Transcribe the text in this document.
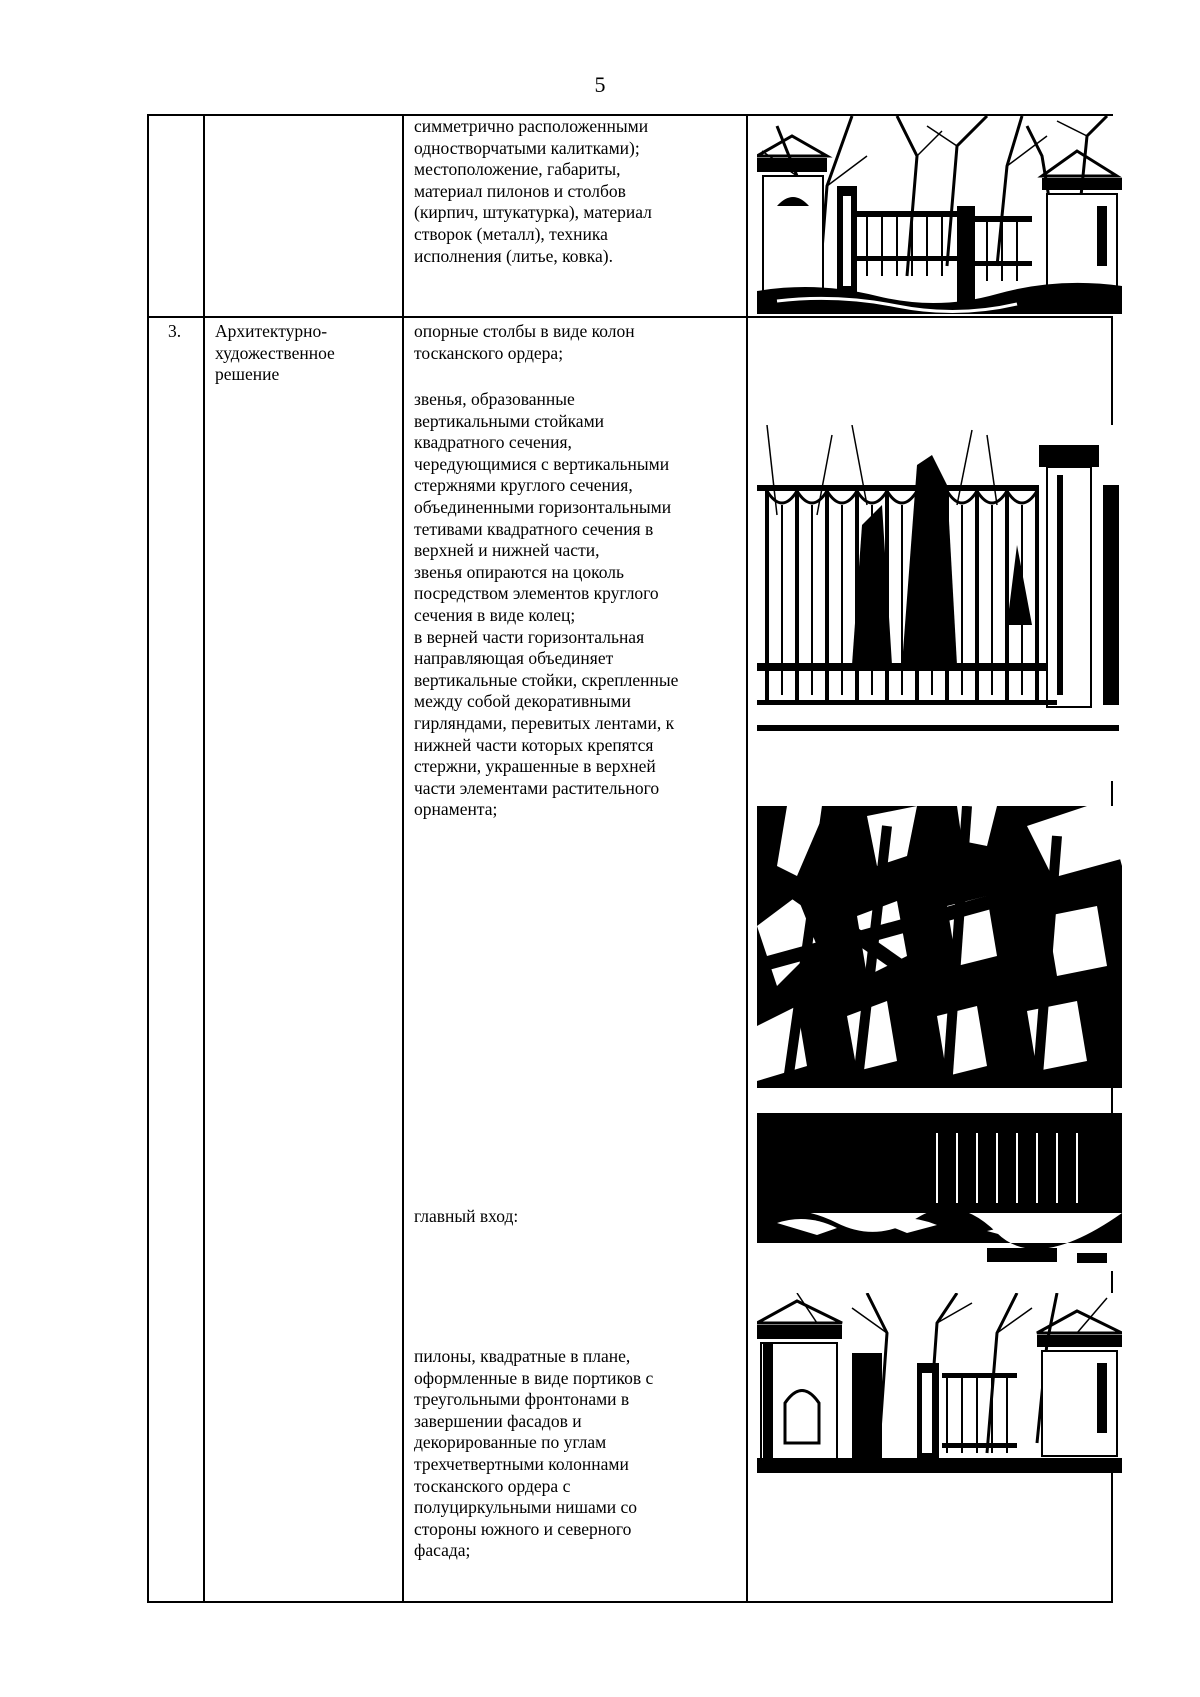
5

симметрично расположенными

одностворчатыми калитками);

местоположение, габариты,

материал пилонов и столбов

(кирпич, штукатурка), материал

створок (металл), техника

исполнения (литье, ковка).

3. Архитектурно-

художественное

решение

опорные столбы в виде колон

тосканского ордера;

звенья, образованные

вертикальными стойками

квадратного сечения,

чередующимися с вертикальными

стержнями круглого сечения,

объединенными горизонтальными

тетивами квадратного сечения в

верхней и нижней части,

звенья опираются на цоколь

посредством элементов круглого

сечения в виде колец;

в верней части горизонтальная

направляющая объединяет

вертикальные стойки, скрепленные

между собой декоративными

гирляндами, перевитых лентами, к

нижней части которых крепятся

стержни, украшенные в верхней

части элементами растительного

орнамента;

главный вход:

пилоны, квадратные в плане,

оформленные в виде портиков с

треугольными фронтонами в

завершении фасадов и

декорированные по углам

трехчетвертными колоннами

тосканского ордера с

полуциркульными нишами со

стороны южного и северного

фасада;
